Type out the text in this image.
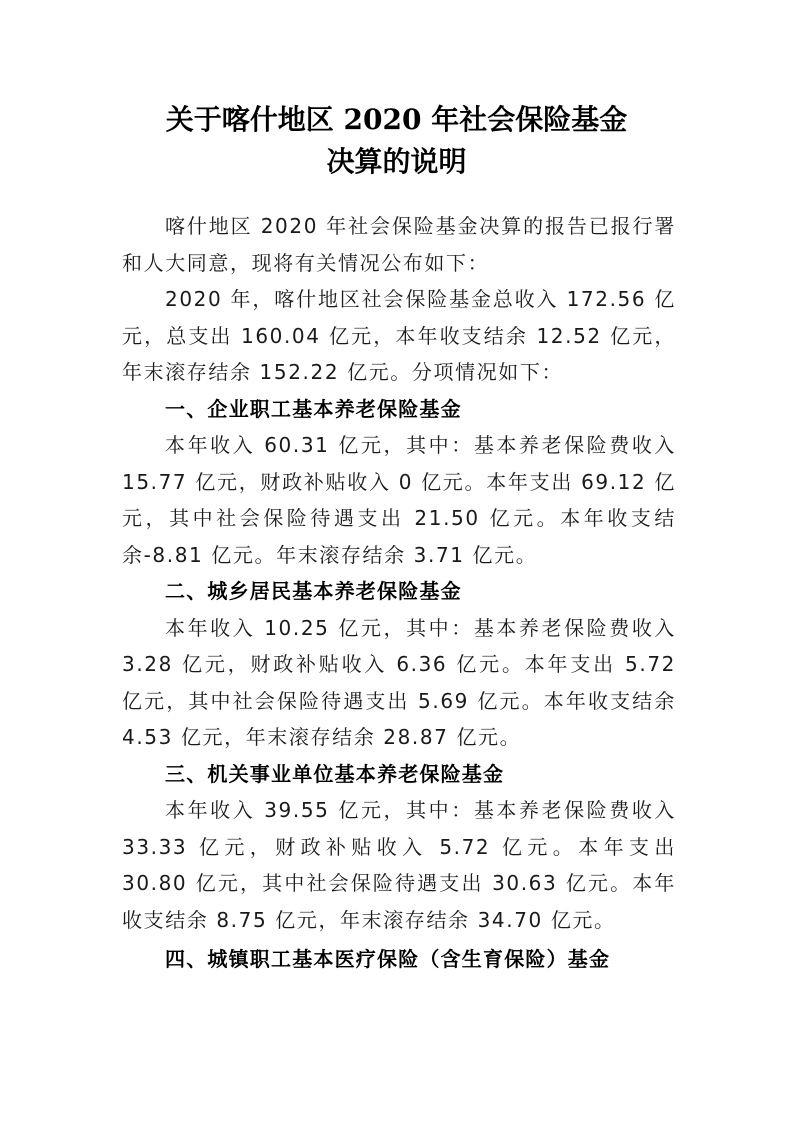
关于喀什地区 2020 年社会保险基金
决算的说明

喀什地区 2020 年社会保险基金决算的报告已报行署和人大同意，现将有关情况公布如下：

2020 年，喀什地区社会保险基金总收入 172.56 亿元，总支出 160.04 亿元，本年收支结余 12.52 亿元，年末滚存结余 152.22 亿元。分项情况如下：

一、企业职工基本养老保险基金

本年收入 60.31 亿元，其中：基本养老保险费收入 15.77 亿元，财政补贴收入 0 亿元。本年支出 69.12 亿元，其中社会保险待遇支出 21.50 亿元。本年收支结余-8.81 亿元。年末滚存结余 3.71 亿元。

二、城乡居民基本养老保险基金

本年收入 10.25 亿元，其中：基本养老保险费收入 3.28 亿元，财政补贴收入 6.36 亿元。本年支出 5.72 亿元，其中社会保险待遇支出 5.69 亿元。本年收支结余 4.53 亿元，年末滚存结余 28.87 亿元。

三、机关事业单位基本养老保险基金

本年收入 39.55 亿元，其中：基本养老保险费收入 33.33 亿元，财政补贴收入 5.72 亿元。本年支出 30.80 亿元，其中社会保险待遇支出 30.63 亿元。本年收支结余 8.75 亿元，年末滚存结余 34.70 亿元。

四、城镇职工基本医疗保险（含生育保险）基金
